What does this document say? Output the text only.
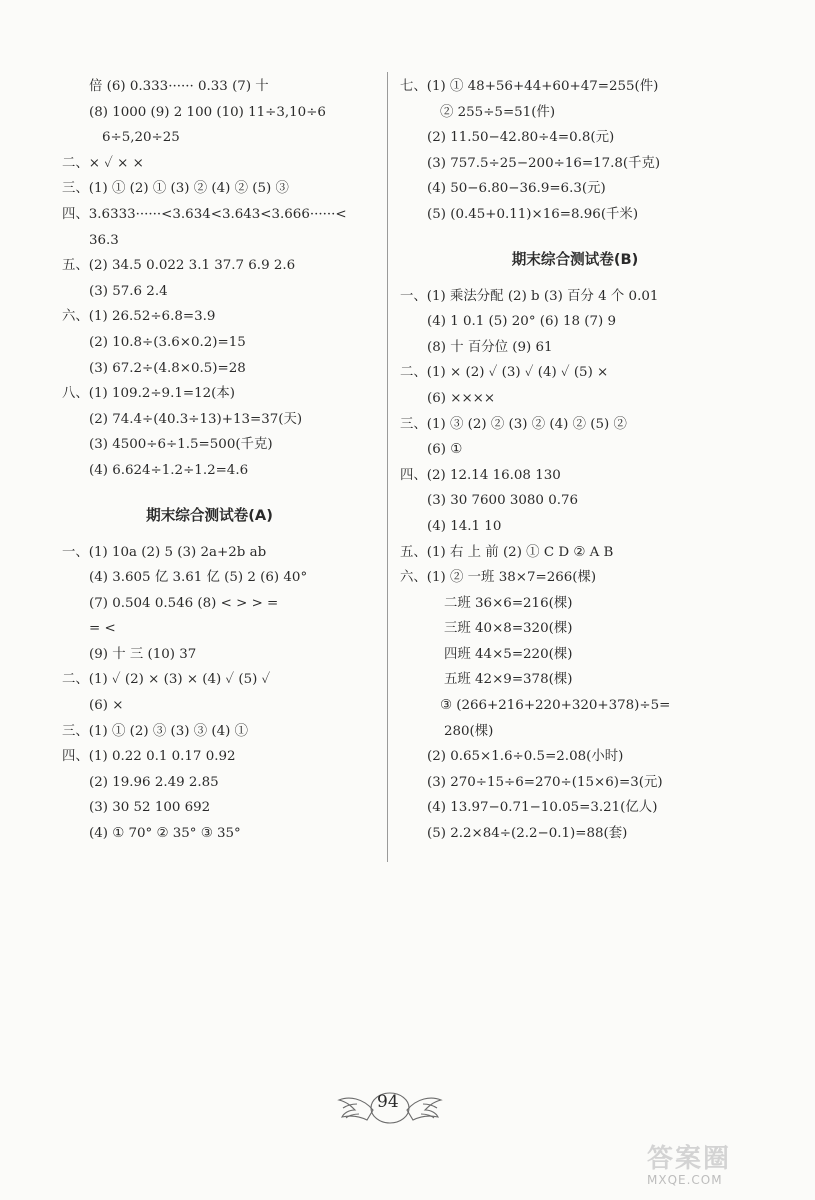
倍 (6) 0.333······ 0.33 (7) 十
(8) 1000 (9) 2 100 (10) 11÷3,10÷6
6÷5,20÷25
二、× ✓ × ×
三、(1) ① (2) ① (3) ② (4) ② (5) ③
四、3.6333······<3.634<3.643<3.666······<
36.3
五、(2) 34.5 0.022 3.1 37.7 6.9 2.6
(3) 57.6 2.4
六、(1) 26.52÷6.8=3.9
(2) 10.8÷(3.6×0.2)=15
(3) 67.2÷(4.8×0.5)=28
八、(1) 109.2÷9.1=12(本)
(2) 74.4÷(40.3÷13)+13=37(天)
(3) 4500÷6÷1.5=500(千克)
(4) 6.624÷1.2÷1.2=4.6
期末综合测试卷(A)
一、(1) 10a (2) 5 (3) 2a+2b ab
(4) 3.605 亿 3.61 亿 (5) 2 (6) 40°
(7) 0.504 0.546 (8) < > > =
= <
(9) 十 三 (10) 37
二、(1) ✓ (2) × (3) × (4) ✓ (5) ✓
(6) ×
三、(1) ① (2) ③ (3) ③ (4) ①
四、(1) 0.22 0.1 0.17 0.92
(2) 19.96 2.49 2.85
(3) 30 52 100 692
(4) ① 70° ② 35° ③ 35°
七、(1) ① 48+56+44+60+47=255(件)
② 255÷5=51(件)
(2) 11.50−42.80÷4=0.8(元)
(3) 757.5÷25−200÷16=17.8(千克)
(4) 50−6.80−36.9=6.3(元)
(5) (0.45+0.11)×16=8.96(千米)
期末综合测试卷(B)
一、(1) 乘法分配 (2) b (3) 百分 4 个 0.01
(4) 1 0.1 (5) 20° (6) 18 (7) 9
(8) 十 百分位 (9) 61
二、(1) × (2) ✓ (3) ✓ (4) ✓ (5) ×
(6) ××××
三、(1) ③ (2) ② (3) ② (4) ② (5) ②
(6) ①
四、(2) 12.14 16.08 130
(3) 30 7600 3080 0.76
(4) 14.1 10
五、(1) 右 上 前 (2) ① C D ② A B
六、(1) ② 一班 38×7=266(棵)
二班 36×6=216(棵)
三班 40×8=320(棵)
四班 44×5=220(棵)
五班 42×9=378(棵)
③ (266+216+220+320+378)÷5=
280(棵)
(2) 0.65×1.6÷0.5=2.08(小时)
(3) 270÷15÷6=270÷(15×6)=3(元)
(4) 13.97−0.71−10.05=3.21(亿人)
(5) 2.2×84÷(2.2−0.1)=88(套)
94
答案圈
MXQE.COM
